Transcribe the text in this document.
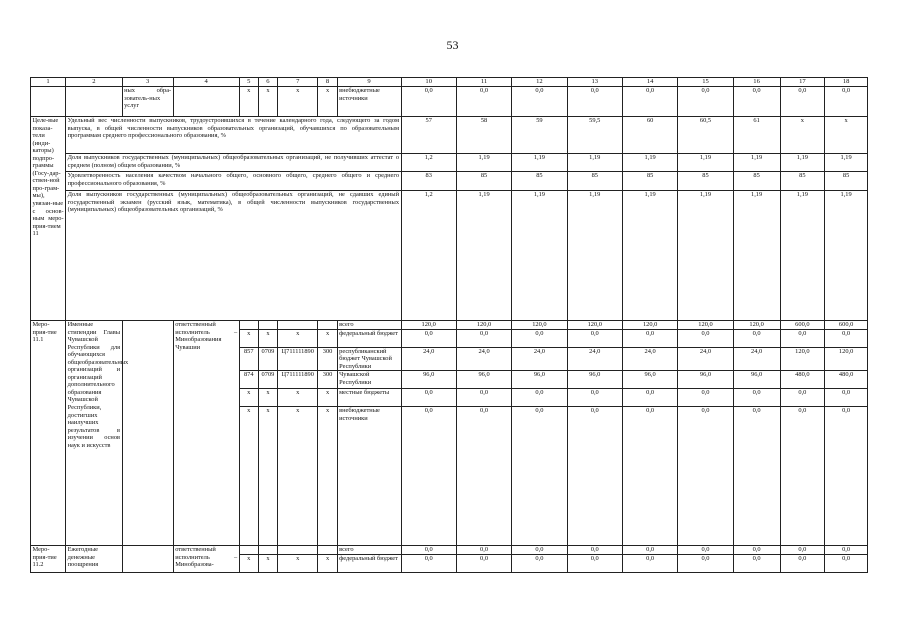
53
1	2	3	4	5	6	7	8	9	10	11	12	13	14	15	16	17	18
		ных обра-зователь-ных услуг		x	x	x	x	внебюджетные источники	0,0	0,0	0,0	0,0	0,0	0,0	0,0	0,0	0,0
Целе-вые показа-тели (инди-каторы) подпро-граммы (Госу-дар-ствен-ной про-грам-мы), увязан-ные с основ-ным меро-прия-тием 11	Удельный вес численности выпускников, трудоустроившихся в течение календарного года, следующего за годом выпуска, в общей численности выпускников образовательных организаций, обучавшихся по образовательным программам среднего профессионального образования, %								57	58	59	59,5	60	60,5	61	x	x
	Доля выпускников государственных (муниципальных) общеобразовательных организаций, не получивших аттестат о среднем (полном) общем образовании, %								1,2	1,19	1,19	1,19	1,19	1,19	1,19	1,19	1,19
	Удовлетворенность населения качеством начального общего, основного общего, среднего общего и среднего профессионального образования, %								83	85	85	85	85	85	85	85	85
	Доля выпускников государственных (муниципальных) общеобразовательных организаций, не сдавших единый государственный экзамен (русский язык, математика), в общей численности выпускников государственных (муниципальных) общеобразовательных организаций, %								1,2	1,19	1,19	1,19	1,19	1,19	1,19	1,19	1,19
Меро-прия-тие 11.1	Именные стипендии Главы Чувашской Республики для обучающихся общеобразовательных организаций и организаций дополнительного образования Чувашской Республики, достигших наилучших результатов в изучении основ наук и искусств		ответственный исполнитель – Минобразования Чувашии					всего	120,0	120,0	120,0	120,0	120,0	120,0	120,0	600,0	600,0
				x	x	x	x	федеральный бюджет	0,0	0,0	0,0	0,0	0,0	0,0	0,0	0,0	0,0
				857	0709	Ц711111890	300	республиканский бюджет Чувашской Республики	24,0	24,0	24,0	24,0	24,0	24,0	24,0	120,0	120,0
				874	0709	Ц711111890	300	Чувашской Республики	96,0	96,0	96,0	96,0	96,0	96,0	96,0	480,0	480,0
				x	x	x	x	местные бюджеты	0,0	0,0	0,0	0,0	0,0	0,0	0,0	0,0	0,0
				x	x	x	x	внебюджетные источники	0,0	0,0	0,0	0,0	0,0	0,0	0,0	0,0	0,0
Меро-прия-тие 11.2	Ежегодные денежные поощрения		ответственный исполнитель – Минобразова-					всего	0,0	0,0	0,0	0,0	0,0	0,0	0,0	0,0	0,0
				x	x	x	x	федеральный бюджет	0,0	0,0	0,0	0,0	0,0	0,0	0,0	0,0	0,0
